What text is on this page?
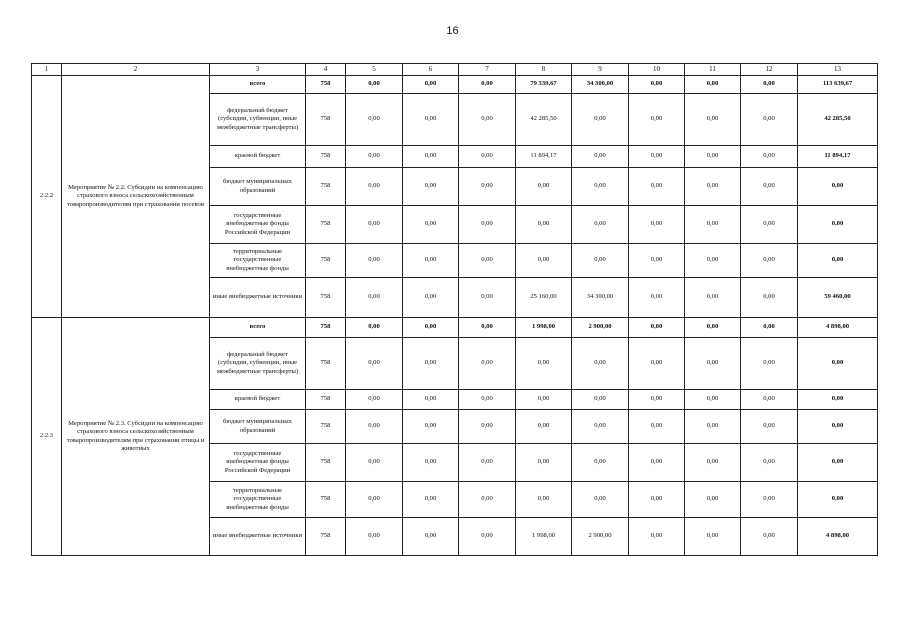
16
1	2	3	4	5	6	7	8	9	10	11	12	13
2.2.2	Мероприятие № 2.2. Субсидии на компенсацию страхового взноса сельскохозяйственным товаропроизводителям при страховании посевов	всего	758	0,00	0,00	0,00	79 339,67	34 300,00	0,00	0,00	0,00	113 639,67
		федеральный бюджет (субсидии, субвенции, иные межбюджетные трансферты)	758	0,00	0,00	0,00	42 285,50	0,00	0,00	0,00	0,00	42 285,50
		краевой бюджет	758	0,00	0,00	0,00	11 894,17	0,00	0,00	0,00	0,00	11 894,17
		бюджет муниципальных образований	758	0,00	0,00	0,00	0,00	0,00	0,00	0,00	0,00	0,00
		государственные внебюджетные фонды Российской Федерации	758	0,00	0,00	0,00	0,00	0,00	0,00	0,00	0,00	0,00
		территориальные государственные внебюджетные фонды	758	0,00	0,00	0,00	0,00	0,00	0,00	0,00	0,00	0,00
		иные внебюджетные источники	758	0,00	0,00	0,00	25 160,00	34 300,00	0,00	0,00	0,00	59 460,00
2.2.3	Мероприятие № 2.3. Субсидии на компенсацию страхового взноса сельскохозяйственным товаропроизводителям при страховании птицы и животных	всего	758	0,00	0,00	0,00	1 998,00	2 900,00	0,00	0,00	0,00	4 898,00
		федеральный бюджет (субсидии, субвенции, иные межбюджетные трансферты)	758	0,00	0,00	0,00	0,00	0,00	0,00	0,00	0,00	0,00
		краевой бюджет	758	0,00	0,00	0,00	0,00	0,00	0,00	0,00	0,00	0,00
		бюджет муниципальных образований	758	0,00	0,00	0,00	0,00	0,00	0,00	0,00	0,00	0,00
		государственные внебюджетные фонды Российской Федерации	758	0,00	0,00	0,00	0,00	0,00	0,00	0,00	0,00	0,00
		территориальные государственные внебюджетные фонды	758	0,00	0,00	0,00	0,00	0,00	0,00	0,00	0,00	0,00
		иные внебюджетные источники	758	0,00	0,00	0,00	1 998,00	2 900,00	0,00	0,00	0,00	4 898,00
